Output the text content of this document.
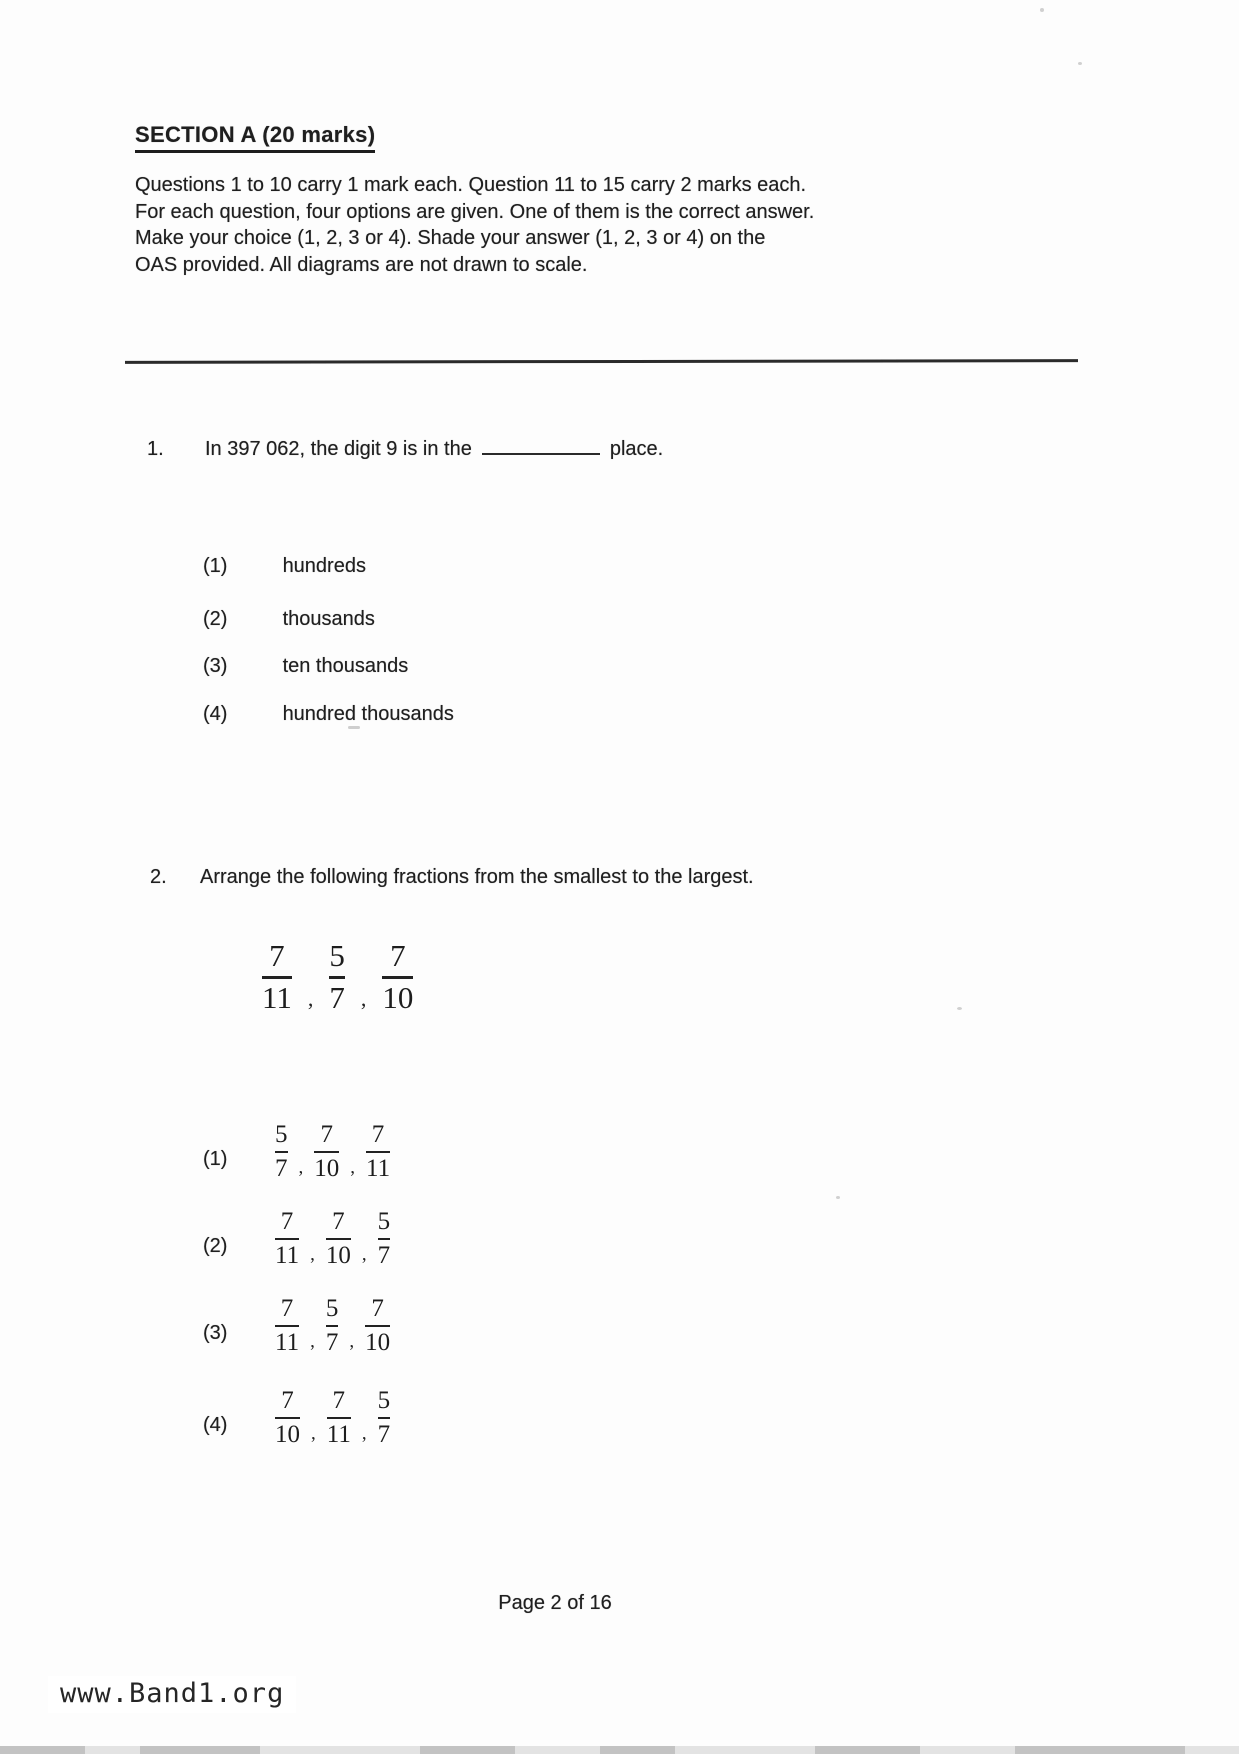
SECTION A (20 marks)
Questions 1 to 10 carry 1 mark each. Question 11 to 15 carry 2 marks each.
For each question, four options are given. One of them is the correct answer.
Make your choice (1, 2, 3 or 4). Shade your answer (1, 2, 3 or 4) on the
OAS provided. All diagrams are not drawn to scale.
1. In 397 062, the digit 9 is in the	place.
(1)	hundreds
(2)	thousands
(3)	ten thousands
(4)	hundred thousands
2. Arrange the following fractions from the smallest to the largest.
$\frac{7}{11}$ , $\frac{5}{7}$ , $\frac{7}{10}$
(1)	$\frac{5}{7}$ , $\frac{7}{10}$ , $\frac{7}{11}$
(2)	$\frac{7}{11}$ , $\frac{7}{10}$ , $\frac{5}{7}$
(3)	$\frac{7}{11}$ , $\frac{5}{7}$ , $\frac{7}{10}$
(4)	$\frac{7}{10}$ , $\frac{7}{11}$ , $\frac{5}{7}$
Page 2 of 16
www.Band1.org
